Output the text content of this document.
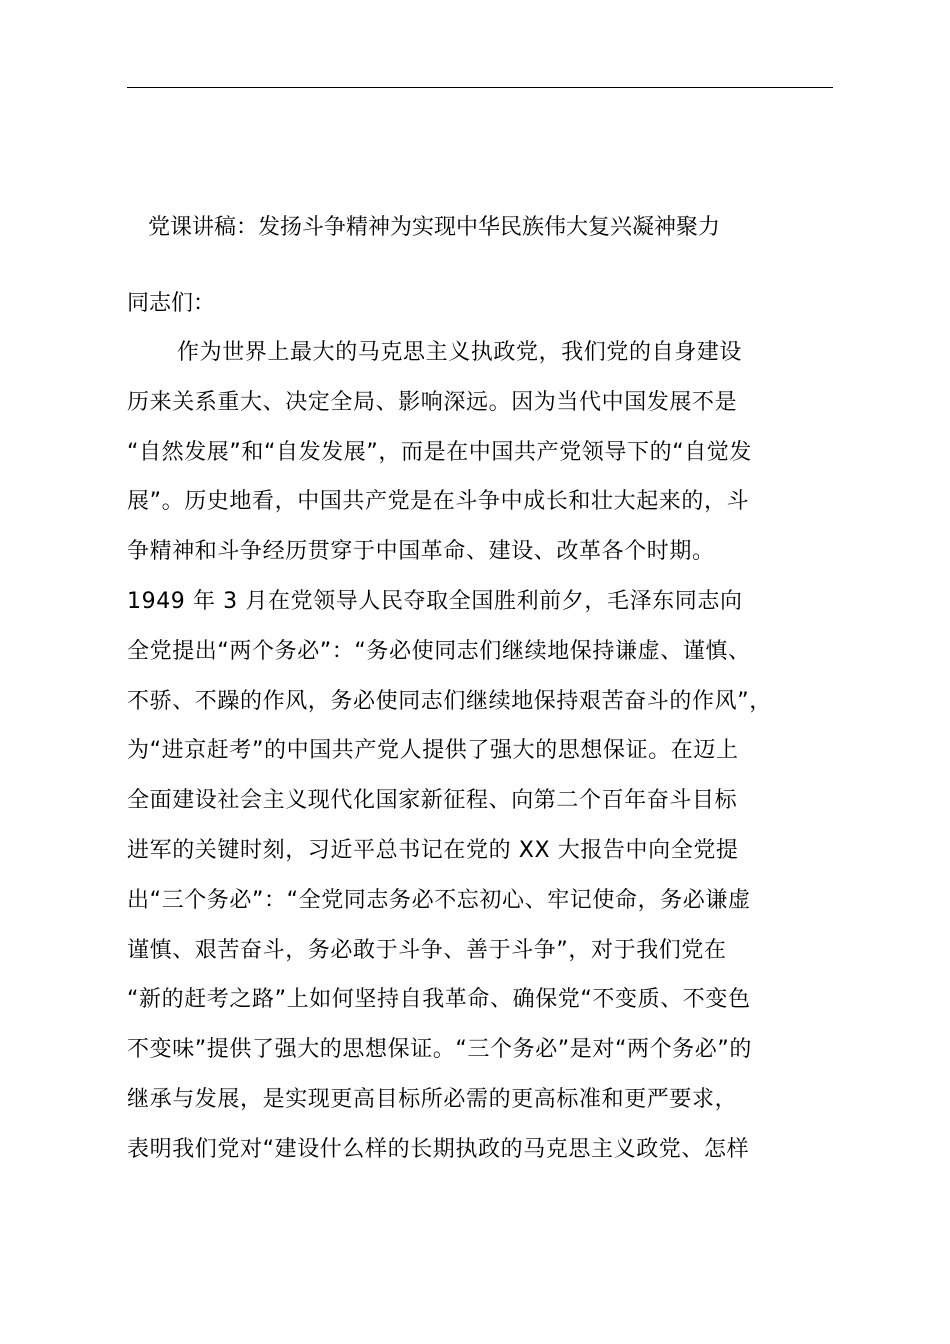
党课讲稿：发扬斗争精神为实现中华民族伟大复兴凝神聚力

同志们：

作为世界上最大的马克思主义执政党，我们党的自身建设
历来关系重大、决定全局、影响深远。因为当代中国发展不是
“自然发展”和“自发发展”，而是在中国共产党领导下的“自觉发
展”。历史地看，中国共产党是在斗争中成长和壮大起来的，斗
争精神和斗争经历贯穿于中国革命、建设、改革各个时期。
1949 年 3 月在党领导人民夺取全国胜利前夕，毛泽东同志向
全党提出“两个务必”：“务必使同志们继续地保持谦虚、谨慎、
不骄、不躁的作风，务必使同志们继续地保持艰苦奋斗的作风”，
为“进京赶考”的中国共产党人提供了强大的思想保证。在迈上
全面建设社会主义现代化国家新征程、向第二个百年奋斗目标
进军的关键时刻，习近平总书记在党的 XX 大报告中向全党提
出“三个务必”：“全党同志务必不忘初心、牢记使命，务必谦虚
谨慎、艰苦奋斗，务必敢于斗争、善于斗争”，对于我们党在
“新的赶考之路”上如何坚持自我革命、确保党“不变质、不变色
不变味”提供了强大的思想保证。“三个务必”是对“两个务必”的
继承与发展，是实现更高目标所必需的更高标准和更严要求，
表明我们党对“建设什么样的长期执政的马克思主义政党、怎样
